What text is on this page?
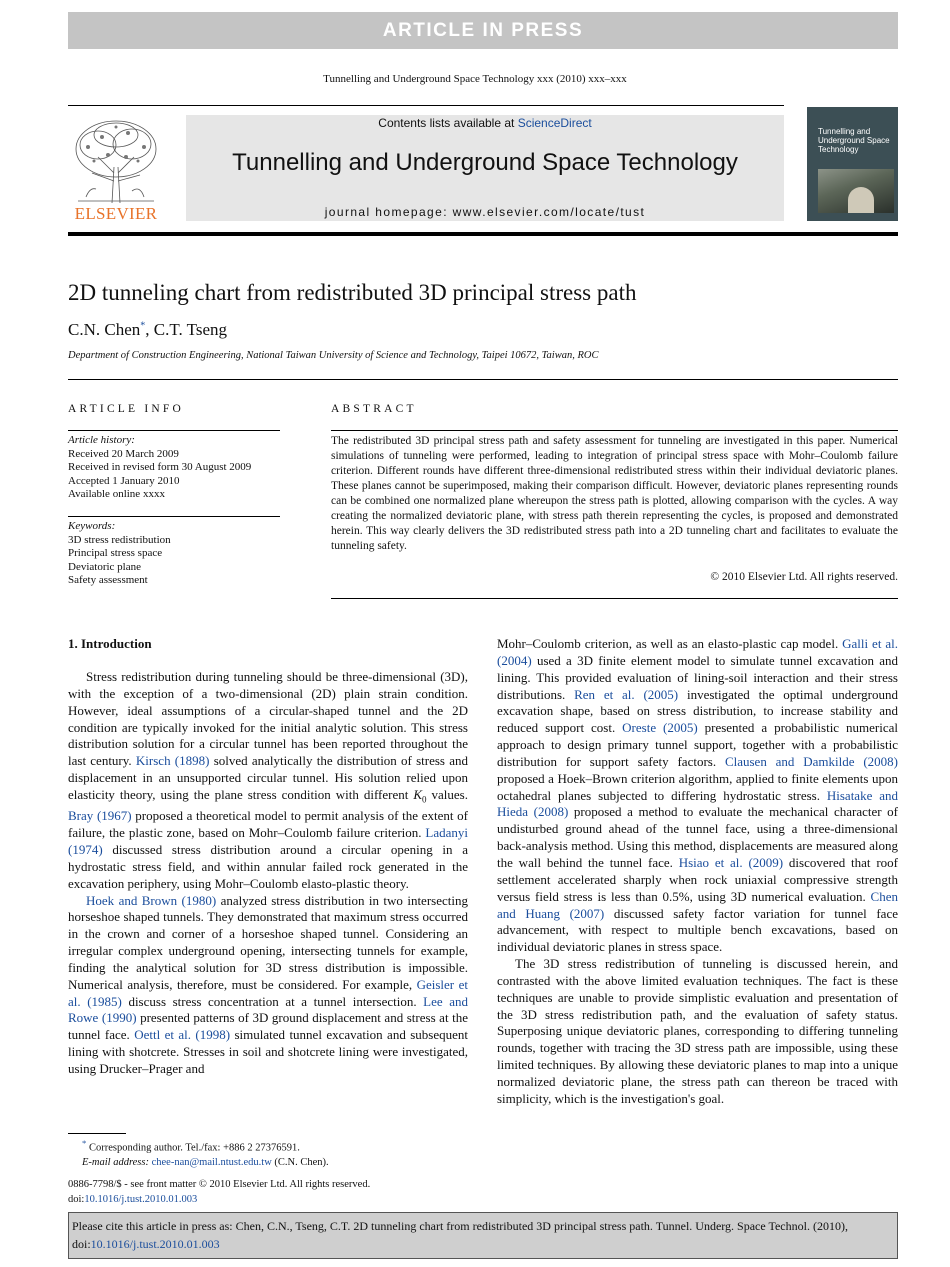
ARTICLE IN PRESS
Tunnelling and Underground Space Technology xxx (2010) xxx–xxx
ELSEVIER
Contents lists available at ScienceDirect
Tunnelling and Underground Space Technology
journal homepage: www.elsevier.com/locate/tust
Tunnelling and Underground Space Technology
2D tunneling chart from redistributed 3D principal stress path
C.N. Chen*, C.T. Tseng
Department of Construction Engineering, National Taiwan University of Science and Technology, Taipei 10672, Taiwan, ROC
ARTICLE INFO	ABSTRACT
Article history:
Received 20 March 2009
Received in revised form 30 August 2009
Accepted 1 January 2010
Available online xxxx
Keywords:
3D stress redistribution
Principal stress space
Deviatoric plane
Safety assessment
The redistributed 3D principal stress path and safety assessment for tunneling are investigated in this paper. Numerical simulations of tunneling were performed, leading to integration of principal stress space with Mohr–Coulomb failure criterion. Different rounds have different three-dimensional redistributed stress within their individual deviatoric planes. These planes cannot be superimposed, making their comparison difficult. However, deviatoric planes representing rounds can be combined one normalized plane whereupon the stress path is plotted, allowing comparison with the cycles. A way creating the normalized deviatoric plane, with stress path therein representing the cycles, is proposed and demonstrated herein. This way clearly delivers the 3D redistributed stress path into a 2D tunneling chart and facilitates to evaluate the tunneling safety.
© 2010 Elsevier Ltd. All rights reserved.
1. Introduction

Stress redistribution during tunneling should be three-dimensional (3D), with the exception of a two-dimensional (2D) plain strain condition. However, ideal assumptions of a circular-shaped tunnel and the 2D condition are typically invoked for the initial analytic solution. This stress distribution solution for a circular tunnel has been reported throughout the last century. Kirsch (1898) solved analytically the distribution of stress and displacement in an unsupported circular tunnel. His solution relied upon elasticity theory, using the plane stress condition with different $K_0$ values. Bray (1967) proposed a theoretical model to permit analysis of the extent of failure, the plastic zone, based on Mohr–Coulomb failure criterion. Ladanyi (1974) discussed stress distribution around a circular opening in a hydrostatic stress field, and within annular failed rock generated in the excavation periphery, using Mohr–Coulomb elasto-plastic theory.

Hoek and Brown (1980) analyzed stress distribution in two intersecting horseshoe shaped tunnels. They demonstrated that maximum stress occurred in the crown and corner of a horseshoe shaped tunnel. Considering an irregular complex underground opening, intersecting tunnels for example, finding the analytical solution for 3D stress distribution is impossible. Numerical analysis, therefore, must be considered. For example, Geisler et al. (1985) discuss stress concentration at a tunnel intersection. Lee and Rowe (1990) presented patterns of 3D ground displacement and stress at the tunnel face. Oettl et al. (1998) simulated tunnel excavation and subsequent lining with shotcrete. Stresses in soil and shotcrete lining were investigated, using Drucker–Prager and

Mohr–Coulomb criterion, as well as an elasto-plastic cap model. Galli et al. (2004) used a 3D finite element model to simulate tunnel excavation and lining. This provided evaluation of lining-soil interaction and their stress distributions. Ren et al. (2005) investigated the optimal underground excavation shape, based on stress distribution, to increase stability and reduced support cost. Oreste (2005) presented a probabilistic numerical approach to design primary tunnel support, together with a probabilistic distribution for support safety factors. Clausen and Damkilde (2008) proposed a Hoek–Brown criterion algorithm, applied to finite elements upon octahedral planes subjected to differing hydrostatic stress. Hisatake and Hieda (2008) proposed a method to evaluate the mechanical character of undisturbed ground ahead of the tunnel face, using a three-dimensional back-analysis method. Using this method, displacements are measured along the wall behind the tunnel face. Hsiao et al. (2009) discovered that roof settlement accelerated sharply when rock uniaxial compressive strength versus field stress is less than 0.5%, using 3D numerical evaluation. Chen and Huang (2007) discussed safety factor variation for tunnel face advancement, with respect to multiple bench excavations, based on individual deviatoric planes in stress space.

The 3D stress redistribution of tunneling is discussed herein, and contrasted with the above limited evaluation techniques. The fact is these techniques are unable to provide simplistic evaluation and presentation of the 3D stress redistribution path, and the evaluation of safety status. Superposing unique deviatoric planes, corresponding to differing tunneling rounds, together with tracing the 3D stress path are impossible, using these limited techniques. By allowing these deviatoric planes to map into a unique normalized deviatoric plane, the stress path can thereon be traced with simplicity, which is the investigation's goal.

* Corresponding author. Tel./fax: +886 2 27376591.
E-mail address: chee-nan@mail.ntust.edu.tw (C.N. Chen).
0886-7798/$ - see front matter © 2010 Elsevier Ltd. All rights reserved.
doi:10.1016/j.tust.2010.01.003
Please cite this article in press as: Chen, C.N., Tseng, C.T. 2D tunneling chart from redistributed 3D principal stress path. Tunnel. Underg. Space Technol. (2010), doi:10.1016/j.tust.2010.01.003
